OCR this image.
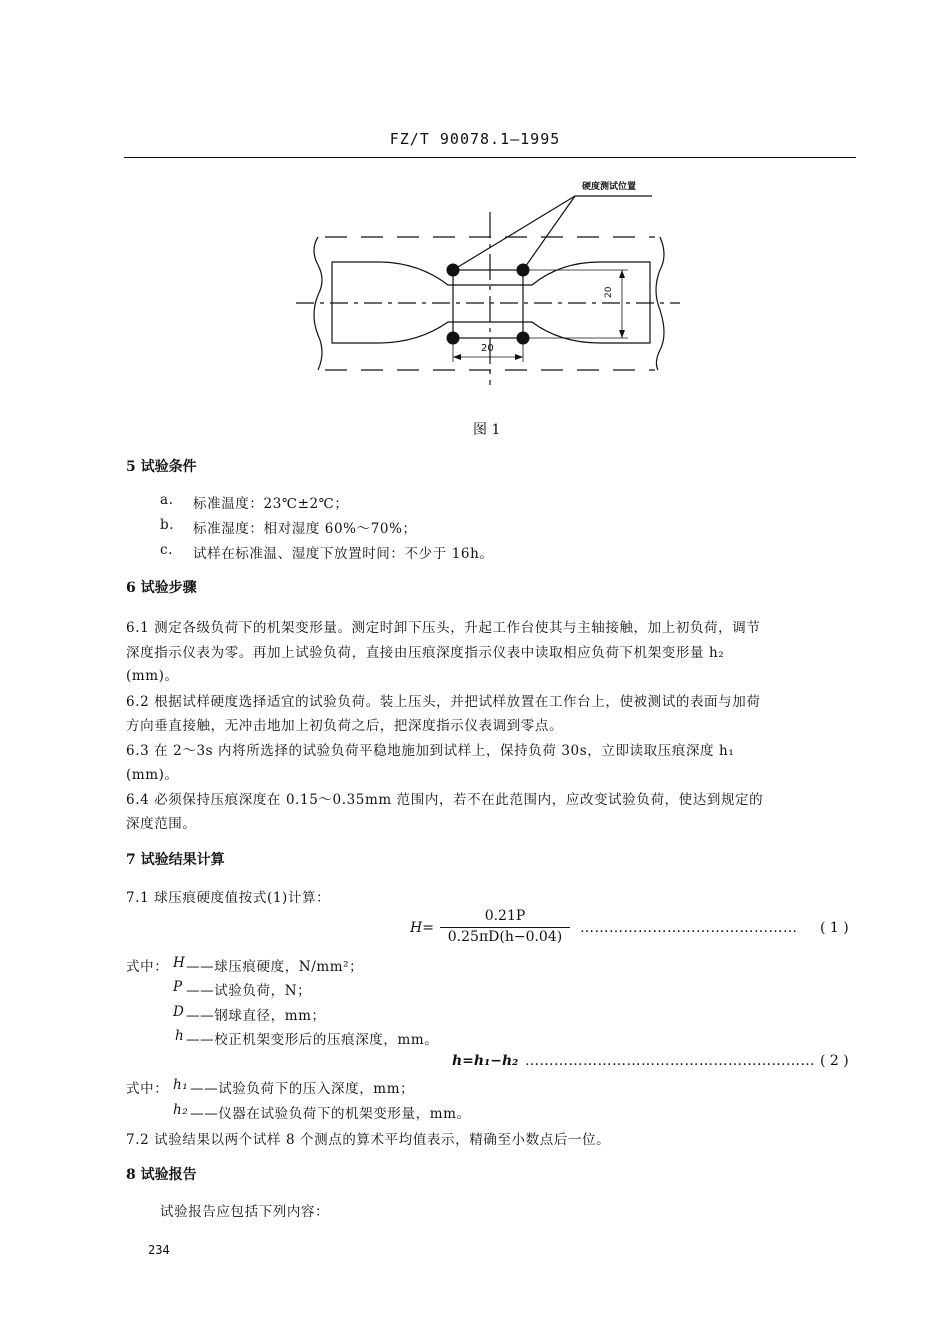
FZ/T 90078.1—1995
硬度测试位置
20
20
图 1
5 试验条件
a. 标准温度：23℃±2℃；
b. 标准湿度：相对湿度 60%～70%；
c. 试样在标准温、湿度下放置时间：不少于 16h。
6 试验步骤
6.1 测定各级负荷下的机架变形量。测定时卸下压头，升起工作台使其与主轴接触，加上初负荷，调节
深度指示仪表为零。再加上试验负荷，直接由压痕深度指示仪表中读取相应负荷下机架变形量 h₂
(mm)。
6.2 根据试样硬度选择适宜的试验负荷。装上压头，并把试样放置在工作台上，使被测试的表面与加荷
方向垂直接触，无冲击地加上初负荷之后，把深度指示仪表调到零点。
6.3 在 2～3s 内将所选择的试验负荷平稳地施加到试样上，保持负荷 30s，立即读取压痕深度 h₁
(mm)。
6.4 必须保持压痕深度在 0.15～0.35mm 范围内，若不在此范围内，应改变试验负荷，使达到规定的
深度范围。
7 试验结果计算
7.1 球压痕硬度值按式(1)计算：
H=
0.21P
0.25πD(h−0.04)
……………………………………… ( 1 )
式中： H ——球压痕硬度，N/mm²；
P ——试验负荷，N；
D ——钢球直径，mm；
h ——校正机架变形后的压痕深度，mm。
h=h₁−h₂ …………………………………………………… ( 2 )
式中： h₁ ——试验负荷下的压入深度，mm；
h₂ ——仪器在试验负荷下的机架变形量，mm。
7.2 试验结果以两个试样 8 个测点的算术平均值表示，精确至小数点后一位。
8 试验报告
试验报告应包括下列内容：
234
